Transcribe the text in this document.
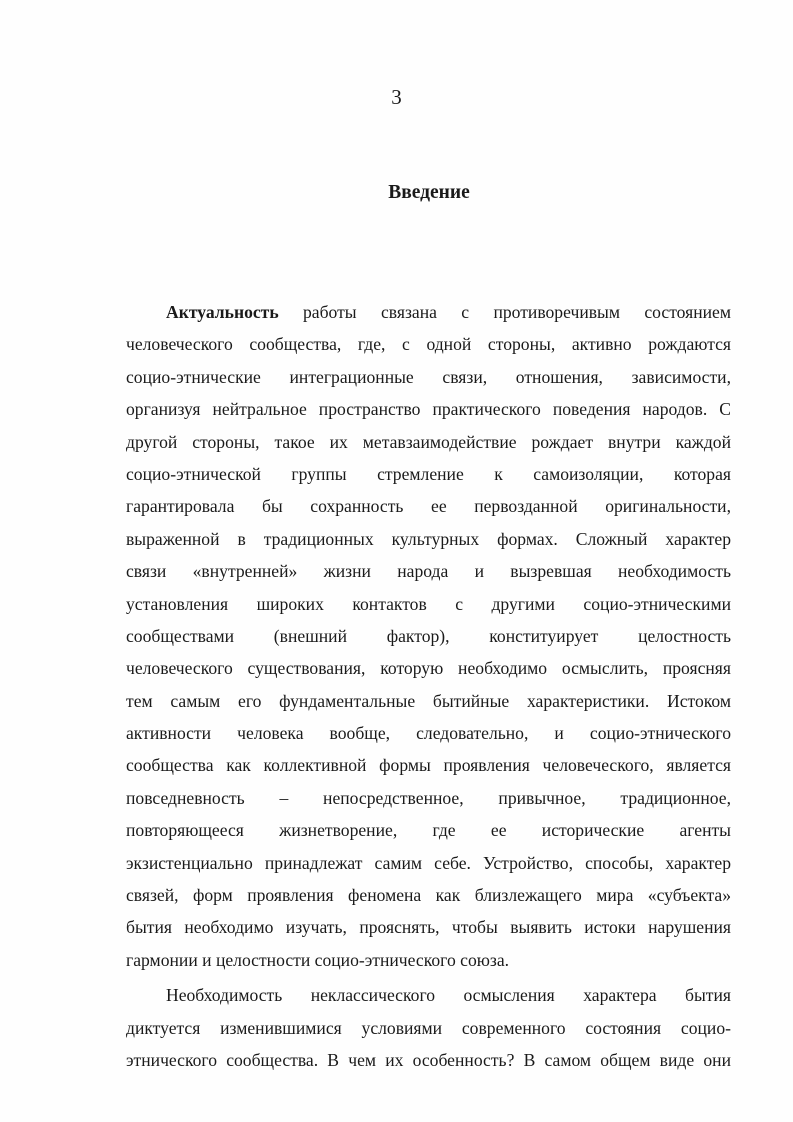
3
Введение
Актуальность работы связана с противоречивым состоянием
человеческого сообщества, где, с одной стороны, активно рождаются
социо-этнические интеграционные связи, отношения, зависимости,
организуя нейтральное пространство практического поведения народов. С
другой стороны, такое их метавзаимодействие рождает внутри каждой
социо-этнической группы стремление к самоизоляции, которая
гарантировала бы сохранность ее первозданной оригинальности,
выраженной в традиционных культурных формах. Сложный характер
связи «внутренней» жизни народа и вызревшая необходимость
установления широких контактов с другими социо-этническими
сообществами (внешний фактор), конституирует целостность
человеческого существования, которую необходимо осмыслить, проясняя
тем самым его фундаментальные бытийные характеристики. Истоком
активности человека вообще, следовательно, и социо-этнического
сообщества как коллективной формы проявления человеческого, является
повседневность – непосредственное, привычное, традиционное,
повторяющееся жизнетворение, где ее исторические агенты
экзистенциально принадлежат самим себе. Устройство, способы, характер
связей, форм проявления феномена как близлежащего мира «субъекта»
бытия необходимо изучать, прояснять, чтобы выявить истоки нарушения
гармонии и целостности социо-этнического союза.
Необходимость неклассического осмысления характера бытия
диктуется изменившимися условиями современного состояния социо-
этнического сообщества. В чем их особенность? В самом общем виде они
